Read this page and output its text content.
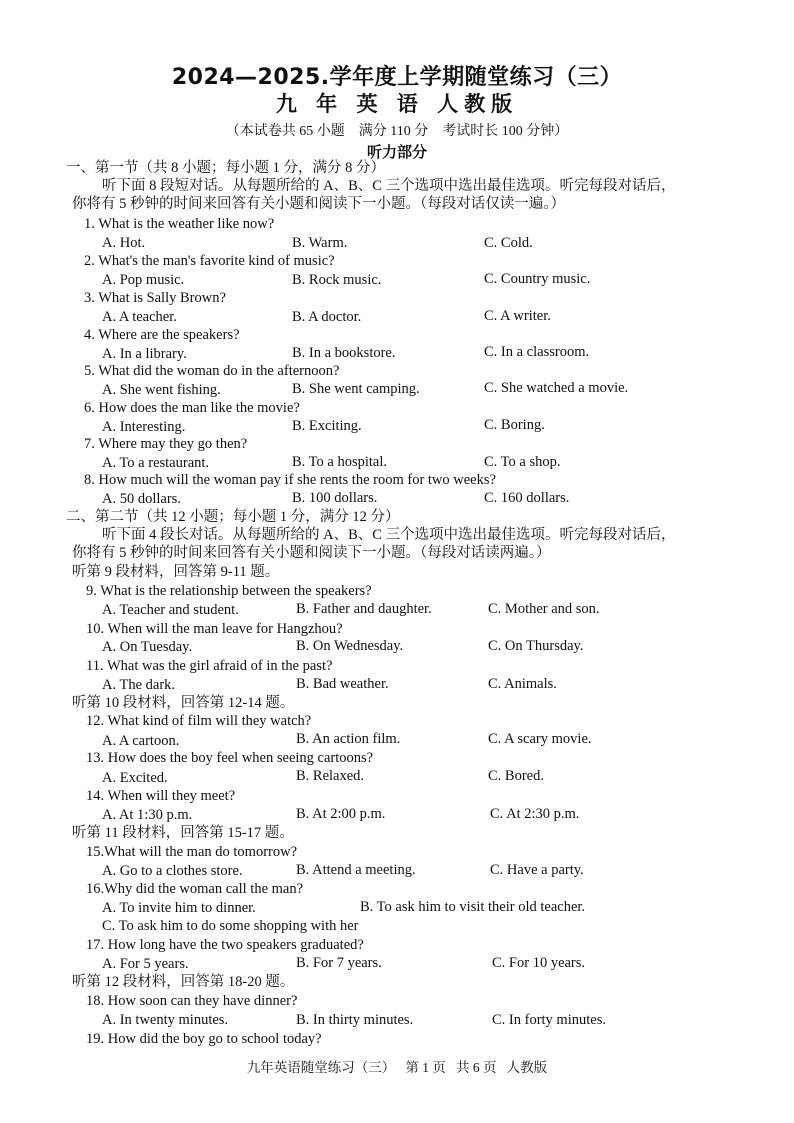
2024—2025.学年度上学期随堂练习（三）
九 年 英 语 人教版
（本试卷共 65 小题    满分 110 分    考试时长 100 分钟）
听力部分
一、第一节（共 8 小题；每小题 1 分，满分 8 分）
听下面 8 段短对话。从每题所给的 A、B、C 三个选项中选出最佳选项。听完每段对话后，
你将有 5 秒钟的时间来回答有关小题和阅读下一小题。（每段对话仅读一遍。）
1. What is the weather like now?
A. Hot.	B. Warm.	C. Cold.
2. What's the man's favorite kind of music?
A. Pop music.	B. Rock music.	C. Country music.
3. What is Sally Brown?
A. A teacher.	B. A doctor.	C. A writer.
4. Where are the speakers?
A. In a library.	B. In a bookstore.	C. In a classroom.
5. What did the woman do in the afternoon?
A. She went fishing.	B. She went camping.	C. She watched a movie.
6. How does the man like the movie?
A. Interesting.	B. Exciting.	C. Boring.
7. Where may they go then?
A. To a restaurant.	B. To a hospital.	C. To a shop.
8. How much will the woman pay if she rents the room for two weeks?
A. 50 dollars.	B. 100 dollars.	C. 160 dollars.
二、第二节（共 12 小题；每小题 1 分，满分 12 分）
听下面 4 段长对话。从每题所给的 A、B、C 三个选项中选出最佳选项。听完每段对话后，
你将有 5 秒钟的时间来回答有关小题和阅读下一小题。（每段对话读两遍。）
听第 9 段材料，回答第 9-11 题。
9. What is the relationship between the speakers?
A. Teacher and student.	B. Father and daughter.	C. Mother and son.
10. When will the man leave for Hangzhou?
A. On Tuesday.	B. On Wednesday.	C. On Thursday.
11. What was the girl afraid of in the past?
A. The dark.	B. Bad weather.	C. Animals.
听第 10 段材料，回答第 12-14 题。
12. What kind of film will they watch?
A. A cartoon.	B. An action film.	C. A scary movie.
13. How does the boy feel when seeing cartoons?
A. Excited.	B. Relaxed.	C. Bored.
14. When will they meet?
A. At 1:30 p.m.	B. At 2:00 p.m.	C. At 2:30 p.m.
听第 11 段材料，回答第 15-17 题。
15.What will the man do tomorrow?
A. Go to a clothes store.	B. Attend a meeting.	C. Have a party.
16.Why did the woman call the man?
A. To invite him to dinner.	B. To ask him to visit their old teacher.
C. To ask him to do some shopping with her
17. How long have the two speakers graduated?
A. For 5 years.	B. For 7 years.	C. For 10 years.
听第 12 段材料，回答第 18-20 题。
18. How soon can they have dinner?
A. In twenty minutes.	B. In thirty minutes.	C. In forty minutes.
19. How did the boy go to school today?
九年英语随堂练习（三）   第 1 页   共 6 页   人教版
